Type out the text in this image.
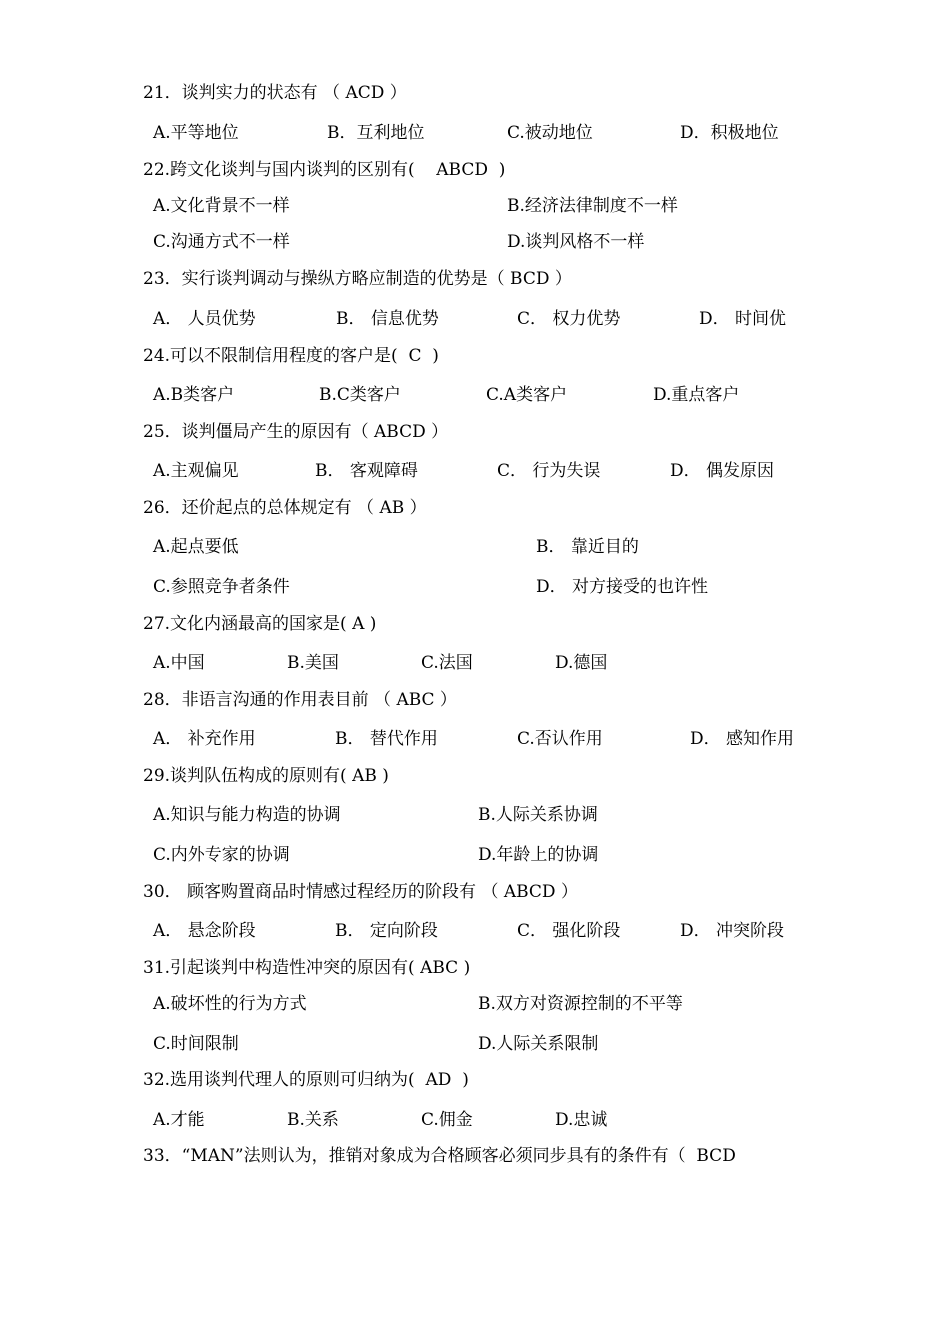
21．谈判实力的状态有 （ ACD ）
A.平等地位	B．互利地位	C.被动地位	D．积极地位
22.跨文化谈判与国内谈判的区别有(    ABCD  )
A.文化背景不一样	B.经济法律制度不一样
C.沟通方式不一样	D.谈判风格不一样
23．实行谈判调动与操纵方略应制造的优势是（ BCD ）
A． 人员优势	B． 信息优势	C． 权力优势	D． 时间优
24.可以不限制信用程度的客户是(  C  )
A.B类客户	B.C类客户	C.A类客户	D.重点客户
25．谈判僵局产生的原因有（ ABCD ）
A.主观偏见	B． 客观障碍	C． 行为失误	D． 偶发原因
26．还价起点的总体规定有 （ AB ）
A.起点要低	B． 靠近目的
C.参照竞争者条件	D． 对方接受的也许性
27.文化内涵最高的国家是( A )
A.中国	B.美国	C.法国	D.德国
28．非语言沟通的作用表目前 （ ABC ）
A． 补充作用	B． 替代作用	C.否认作用	D． 感知作用
29.谈判队伍构成的原则有( AB )
A.知识与能力构造的协调	B.人际关系协调
C.内外专家的协调	D.年龄上的协调
30． 顾客购置商品时情感过程经历的阶段有 （ ABCD ）
A． 悬念阶段	B． 定向阶段	C． 强化阶段	D． 冲突阶段
31.引起谈判中构造性冲突的原因有( ABC )
A.破坏性的行为方式	B.双方对资源控制的不平等
C.时间限制	D.人际关系限制
32.选用谈判代理人的原则可归纳为(  AD  )
A.才能	B.关系	C.佣金	D.忠诚
33．“MAN”法则认为，推销对象成为合格顾客必须同步具有的条件有（  BCD
